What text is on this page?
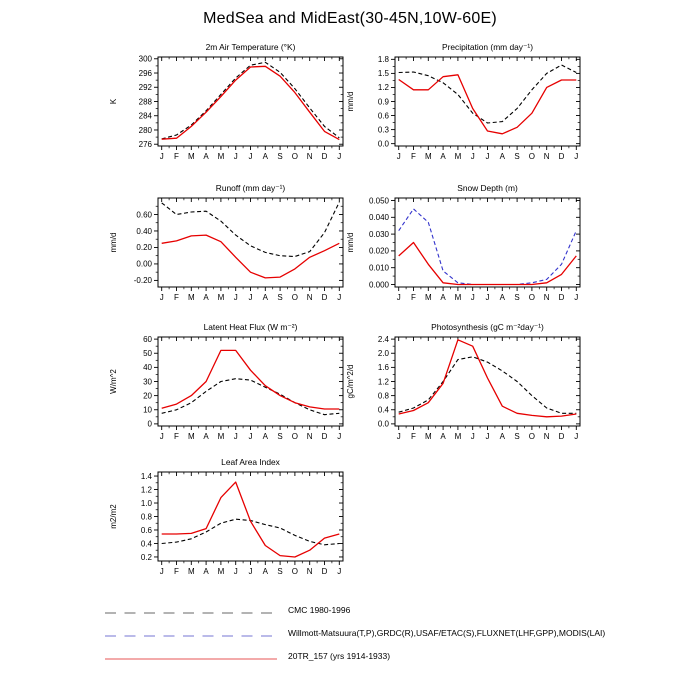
MedSea and MidEast(30-45N,10W-60E)
J F M A M J J A S O N D J
276
280
284
288
292
296
300
2m Air Temperature (°K)
K
J F M A M J J A S O N D J
0.0
0.3
0.6
0.9
1.2
1.5
1.8
Precipitation (mm day⁻¹)
mm/d
J F M A M J J A S O N D J
-0.20
0.00
0.20
0.40
0.60
Runoff (mm day⁻¹)
mm/d
J F M A M J J A S O N D J
0.000
0.010
0.020
0.030
0.040
0.050
Snow Depth (m)
mm/d
J F M A M J J A S O N D J
0
10
20
30
40
50
60
Latent Heat Flux (W m⁻²)
W/m^2
J F M A M J J A S O N D J
0.0
0.4
0.8
1.2
1.6
2.0
2.4
Photosynthesis (gC m⁻²day⁻¹)
gC/m^2/d
J F M A M J J A S O N D J
0.2
0.4
0.6
0.8
1.0
1.2
1.4
Leaf Area Index
m2/m2
CMC 1980-1996
Willmott-Matsuura(T,P),GRDC(R),USAF/ETAC(S),FLUXNET(LHF,GPP),MODIS(LAI)
20TR_157 (yrs 1914-1933)
